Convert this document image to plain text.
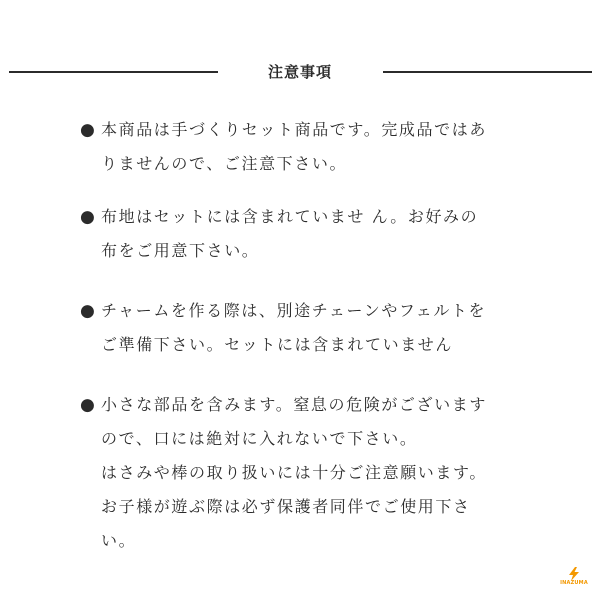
注意事項
● 本商品は手づくりセット商品です。完成品ではあ
りませんので、ご注意下さい。
● 布地はセットには含まれていませ ん。お好みの
布をご用意下さい。
● チャームを作る際は、別途チェーンやフェルトを
ご準備下さい。セットには含まれていません
● 小さな部品を含みます。窒息の危険がございます
ので、口には絶対に入れないで下さい。
はさみや棒の取り扱いには十分ご注意願います。
お子様が遊ぶ際は必ず保護者同伴でご使用下さ
い。
INAZUMA
